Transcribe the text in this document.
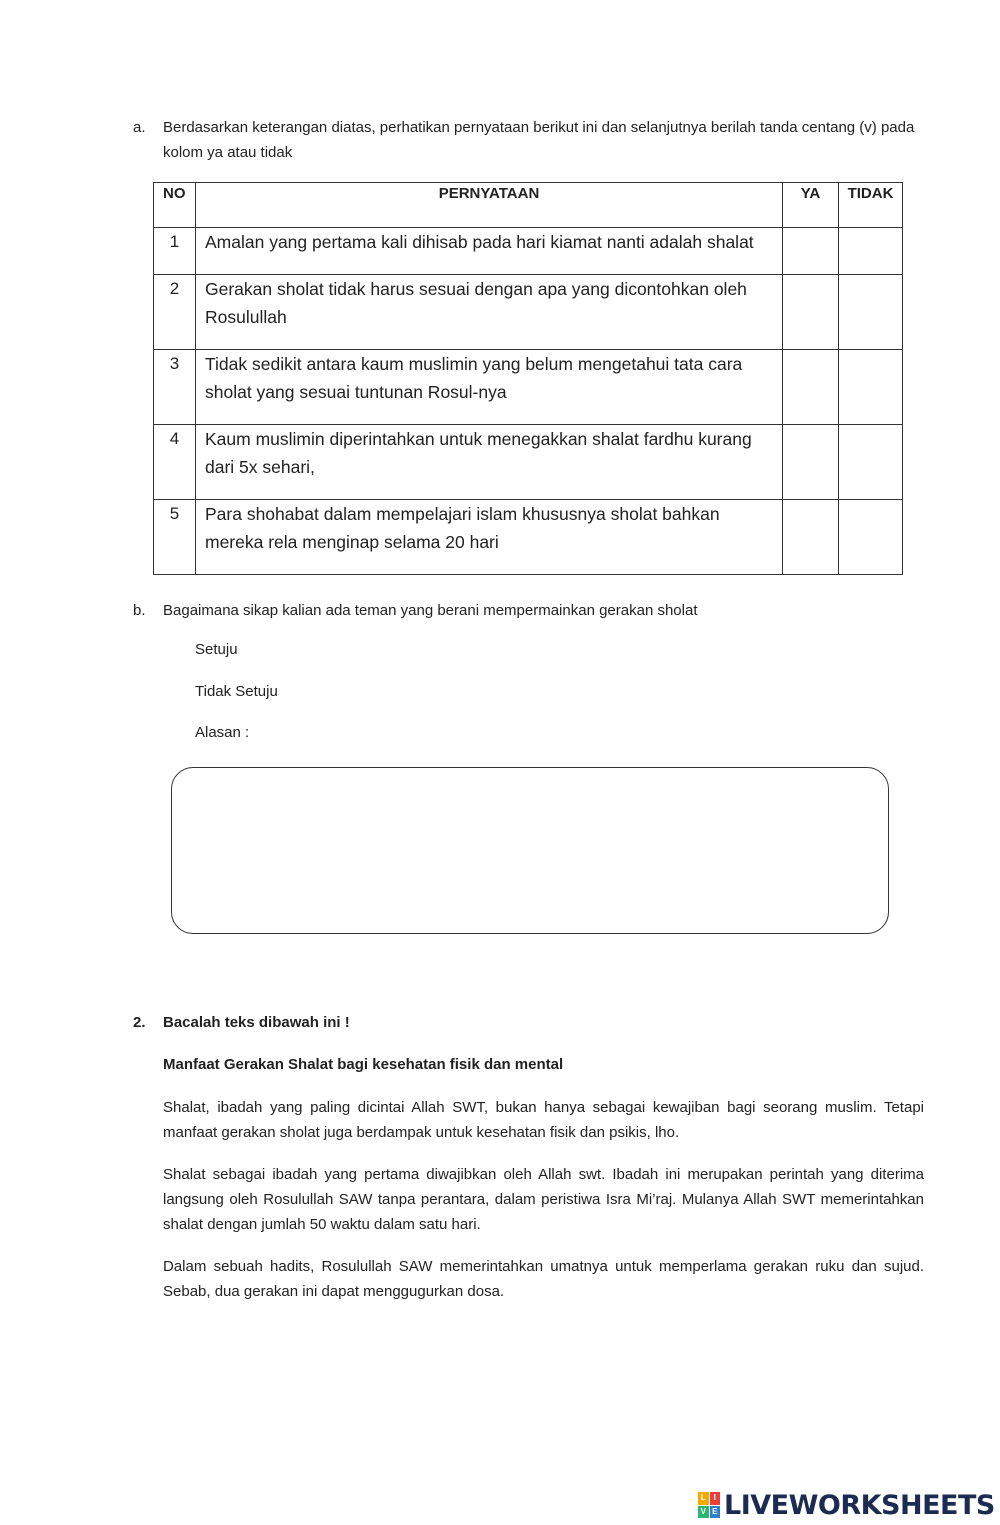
a. Berdasarkan keterangan diatas, perhatikan pernyataan berikut ini dan selanjutnya berilah tanda centang (v) pada kolom ya atau tidak
NO	PERNYATAAN	YA	TIDAK
1	Amalan yang pertama kali dihisab pada hari kiamat nanti adalah shalat		
2	Gerakan sholat tidak harus sesuai dengan apa yang dicontohkan oleh Rosulullah		
3	Tidak sedikit antara kaum muslimin yang belum mengetahui tata cara sholat yang sesuai tuntunan Rosul-nya		
4	Kaum muslimin diperintahkan untuk menegakkan shalat fardhu kurang dari 5x sehari,		
5	Para shohabat dalam mempelajari islam khususnya sholat bahkan mereka rela menginap selama 20 hari		
b. Bagaimana sikap kalian ada teman yang berani mempermainkan gerakan sholat
Setuju
Tidak Setuju
Alasan :
2. Bacalah teks dibawah ini !
Manfaat Gerakan Shalat bagi kesehatan fisik dan mental
Shalat, ibadah yang paling dicintai Allah SWT, bukan hanya sebagai kewajiban bagi seorang muslim. Tetapi manfaat gerakan sholat juga berdampak untuk kesehatan fisik dan psikis, lho.
Shalat sebagai ibadah yang pertama diwajibkan oleh Allah swt. Ibadah ini merupakan perintah yang diterima langsung oleh Rosulullah SAW tanpa perantara, dalam peristiwa Isra Mi’raj. Mulanya Allah SWT memerintahkan shalat dengan jumlah 50 waktu dalam satu hari.
Dalam sebuah hadits, Rosulullah SAW memerintahkan umatnya untuk memperlama gerakan ruku dan sujud. Sebab, dua gerakan ini dapat menggugurkan dosa.
L I
V E LIVEWORKSHEETS
